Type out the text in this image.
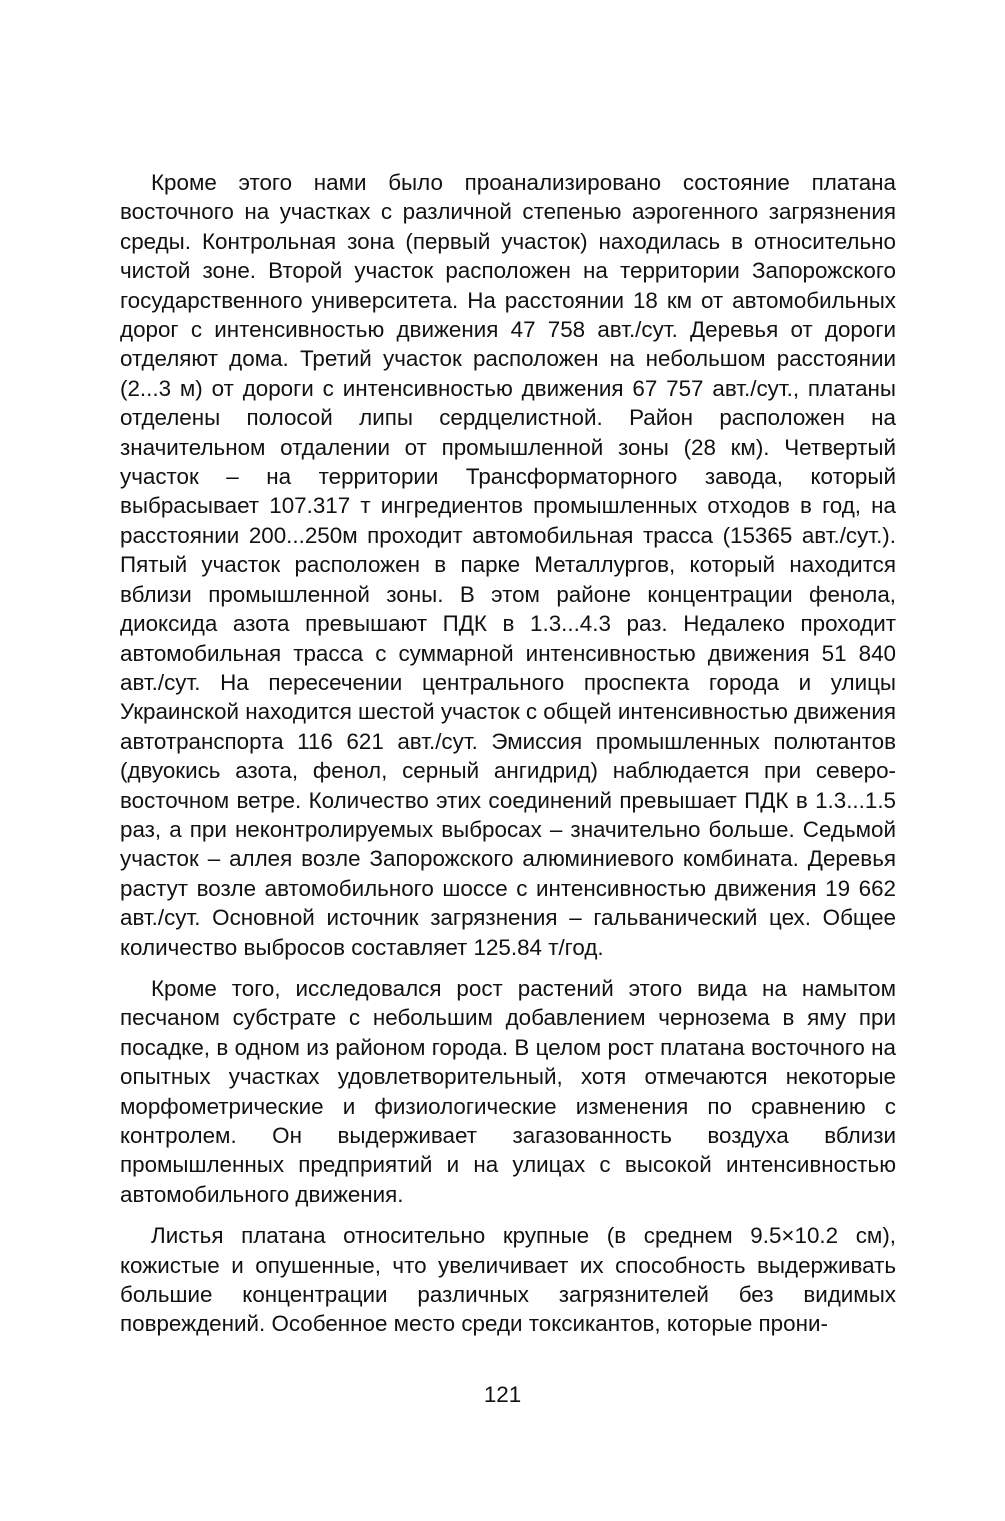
Кроме этого нами было проанализировано состояние платана восточного на участках с различной степенью аэрогенного загрязнения среды. Контрольная зона (первый участок) находилась в относительно чистой зоне. Второй участок расположен на территории Запорожского государственного университета. На расстоянии 18 км от автомобильных дорог с интенсивностью движения 47 758 авт./сут. Деревья от дороги отделяют дома. Третий участок расположен на небольшом расстоянии (2...3 м) от дороги с интенсивностью движения 67 757 авт./сут., платаны отделены полосой липы сердцелистной. Район расположен на значительном отдалении от промышленной зоны (28 км). Четвертый участок – на территории Трансформаторного завода, который выбрасывает 107.317 т ингредиентов промышленных отходов в год, на расстоянии 200...250м проходит автомобильная трасса (15365 авт./сут.). Пятый участок расположен в парке Металлургов, который находится вблизи промышленной зоны. В этом районе концентрации фенола, диоксида азота превышают ПДК в 1.3...4.3 раз. Недалеко проходит автомобильная трасса с суммарной интенсивностью движения 51 840 авт./сут. На пересечении центрального проспекта города и улицы Украинской находится шестой участок с общей интенсивностью движения автотранспорта 116 621 авт./сут. Эмиссия промышленных полютантов (двуокись азота, фенол, серный ангидрид) наблюдается при северо-восточном ветре. Количество этих соединений превышает ПДК в 1.3...1.5 раз, а при неконтролируемых выбросах – значительно больше. Седьмой участок – аллея возле Запорожского алюминиевого комбината. Деревья растут возле автомобильного шоссе с интенсивностью движения 19 662 авт./сут. Основной источник загрязнения – гальванический цех. Общее количество выбросов составляет 125.84 т/год.

Кроме того, исследовался рост растений этого вида на намытом песчаном субстрате с небольшим добавлением чернозема в яму при посадке, в одном из районом города. В целом рост платана восточного на опытных участках удовлетворительный, хотя отмечаются некоторые морфометрические и физиологические изменения по сравнению с контролем. Он выдерживает загазованность воздуха вблизи промышленных предприятий и на улицах с высокой интенсивностью автомобильного движения.

Листья платана относительно крупные (в среднем 9.5×10.2 см), кожистые и опушенные, что увеличивает их способность выдерживать большие концентрации различных загрязнителей без видимых повреждений. Особенное место среди токсикантов, которые прони-

121
